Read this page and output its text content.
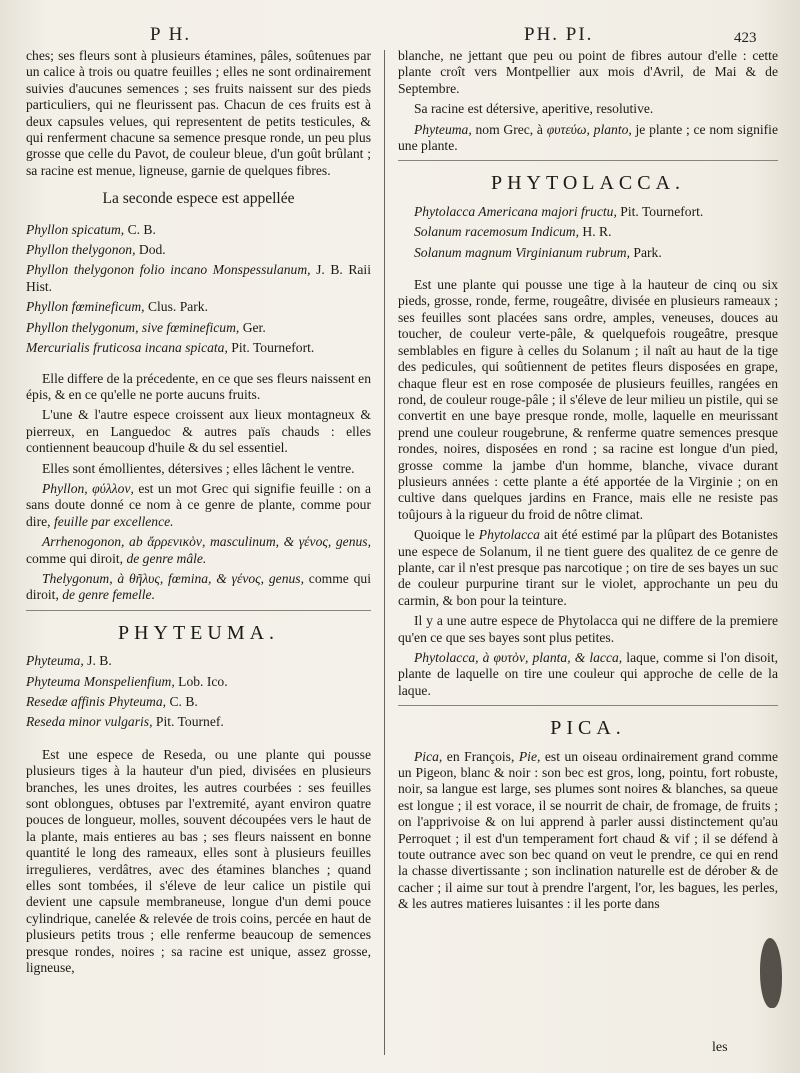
P H.	PH. PI.	423

ches; ses fleurs sont à plusieurs étamines, pâles, soûtenues par un calice à trois ou quatre feuilles ; elles ne sont ordinairement suivies d'aucunes semences ; ses fruits naissent sur des pieds particuliers, qui ne fleurissent pas. Chacun de ces fruits est à deux capsules velues, qui representent de petits testicules, & qui renferment chacune sa semence presque ronde, un peu plus grosse que celle du Pavot, de couleur bleue, d'un goût brûlant ; sa racine est menue, ligneuse, garnie de quelques fibres.

La seconde espece est appellée

Phyllon spicatum, C. B.

Phyllon thelygonon, Dod.

Phyllon thelygonon folio incano Monspessulanum, J. B. Raii Hist.

Phyllon fœmineficum, Clus. Park.

Phyllon thelygonum, sive fœmineficum, Ger.

Mercurialis fruticosa incana spicata, Pit. Tournefort.

Elle differe de la précedente, en ce que ses fleurs naissent en épis, & en ce qu'elle ne porte aucuns fruits.

L'une & l'autre espece croissent aux lieux montagneux & pierreux, en Languedoc & autres païs chauds : elles contiennent beaucoup d'huile & du sel essentiel.

Elles sont émollientes, détersives ; elles lâchent le ventre.

Phyllon, φύλλον, est un mot Grec qui signifie feuille : on a sans doute donné ce nom à ce genre de plante, comme pour dire, feuille par excellence.

Arrhenogonon, ab ἄρρενικὸν, masculinum, & γένος, genus, comme qui diroit, de genre mâle.

Thelygonum, à θῆλυς, fœmina, & γένος, genus, comme qui diroit, de genre femelle.

PHYTEUMA.

Phyteuma, J. B.

Phyteuma Monspelienfium, Lob. Ico.

Resedæ affinis Phyteuma, C. B.

Reseda minor vulgaris, Pit. Tournef.

Est une espece de Reseda, ou une plante qui pousse plusieurs tiges à la hauteur d'un pied, divisées en plusieurs branches, les unes droites, les autres courbées : ses feuilles sont oblongues, obtuses par l'extremité, ayant environ quatre pouces de longueur, molles, souvent découpées vers le haut de la plante, mais entieres au bas ; ses fleurs naissent en bonne quantité le long des rameaux, elles sont à plusieurs feuilles irregulieres, verdâtres, avec des étamines blanches ; quand elles sont tombées, il s'éleve de leur calice un pistile qui devient une capsule membraneuse, longue d'un demi pouce cylindrique, canelée & relevée de trois coins, percée en haut de plusieurs petits trous ; elle renferme beaucoup de semences presque rondes, noires ; sa racine est unique, assez grosse, ligneuse,

blanche, ne jettant que peu ou point de fibres autour d'elle : cette plante croît vers Montpellier aux mois d'Avril, de Mai & de Septembre.

Sa racine est détersive, aperitive, resolutive.

Phyteuma, nom Grec, à φυτεύω, planto, je plante ; ce nom signifie une plante.

PHYTOLACCA.

Phytolacca Americana majori fructu, Pit. Tournefort.

Solanum racemosum Indicum, H. R.

Solanum magnum Virginianum rubrum, Park.

Est une plante qui pousse une tige à la hauteur de cinq ou six pieds, grosse, ronde, ferme, rougeâtre, divisée en plusieurs rameaux ; ses feuilles sont placées sans ordre, amples, veneuses, douces au toucher, de couleur verte-pâle, & quelquefois rougeâtre, presque semblables en figure à celles du Solanum ; il naît au haut de la tige des pedicules, qui soûtiennent de petites fleurs disposées en grape, chaque fleur est en rose composée de plusieurs feuilles, rangées en rond, de couleur rouge-pâle ; il s'éleve de leur milieu un pistile, qui se convertit en une baye presque ronde, molle, laquelle en meurissant prend une couleur rougebrune, & renferme quatre semences presque rondes, noires, disposées en rond ; sa racine est longue d'un pied, grosse comme la jambe d'un homme, blanche, vivace durant plusieurs années : cette plante a été apportée de la Virginie ; on en cultive dans quelques jardins en France, mais elle ne resiste pas toûjours à la rigueur du froid de nôtre climat.

Quoique le Phytolacca ait été estimé par la plûpart des Botanistes une espece de Solanum, il ne tient guere des qualitez de ce genre de plante, car il n'est presque pas narcotique ; on tire de ses bayes un suc de couleur purpurine tirant sur le violet, approchante un peu du carmin, & bon pour la teinture.

Il y a une autre espece de Phytolacca qui ne differe de la premiere qu'en ce que ses bayes sont plus petites.

Phytolacca, à φυτὸν, planta, & lacca, laque, comme si l'on disoit, plante de laquelle on tire une couleur qui approche de celle de la laque.

PICA.

Pica, en François, Pie, est un oiseau ordinairement grand comme un Pigeon, blanc & noir : son bec est gros, long, pointu, fort robuste, noir, sa langue est large, ses plumes sont noires & blanches, sa queue est longue ; il est vorace, il se nourrit de chair, de fromage, de fruits ; on l'apprivoise & on lui apprend à parler aussi distinctement qu'au Perroquet ; il est d'un temperament fort chaud & vif ; il se défend à toute outrance avec son bec quand on veut le prendre, ce qui en rend la chasse divertissante ; son inclination naturelle est de dérober & de cacher ; il aime sur tout à prendre l'argent, l'or, les bagues, les perles, & les autres matieres luisantes : il les porte dans

les
